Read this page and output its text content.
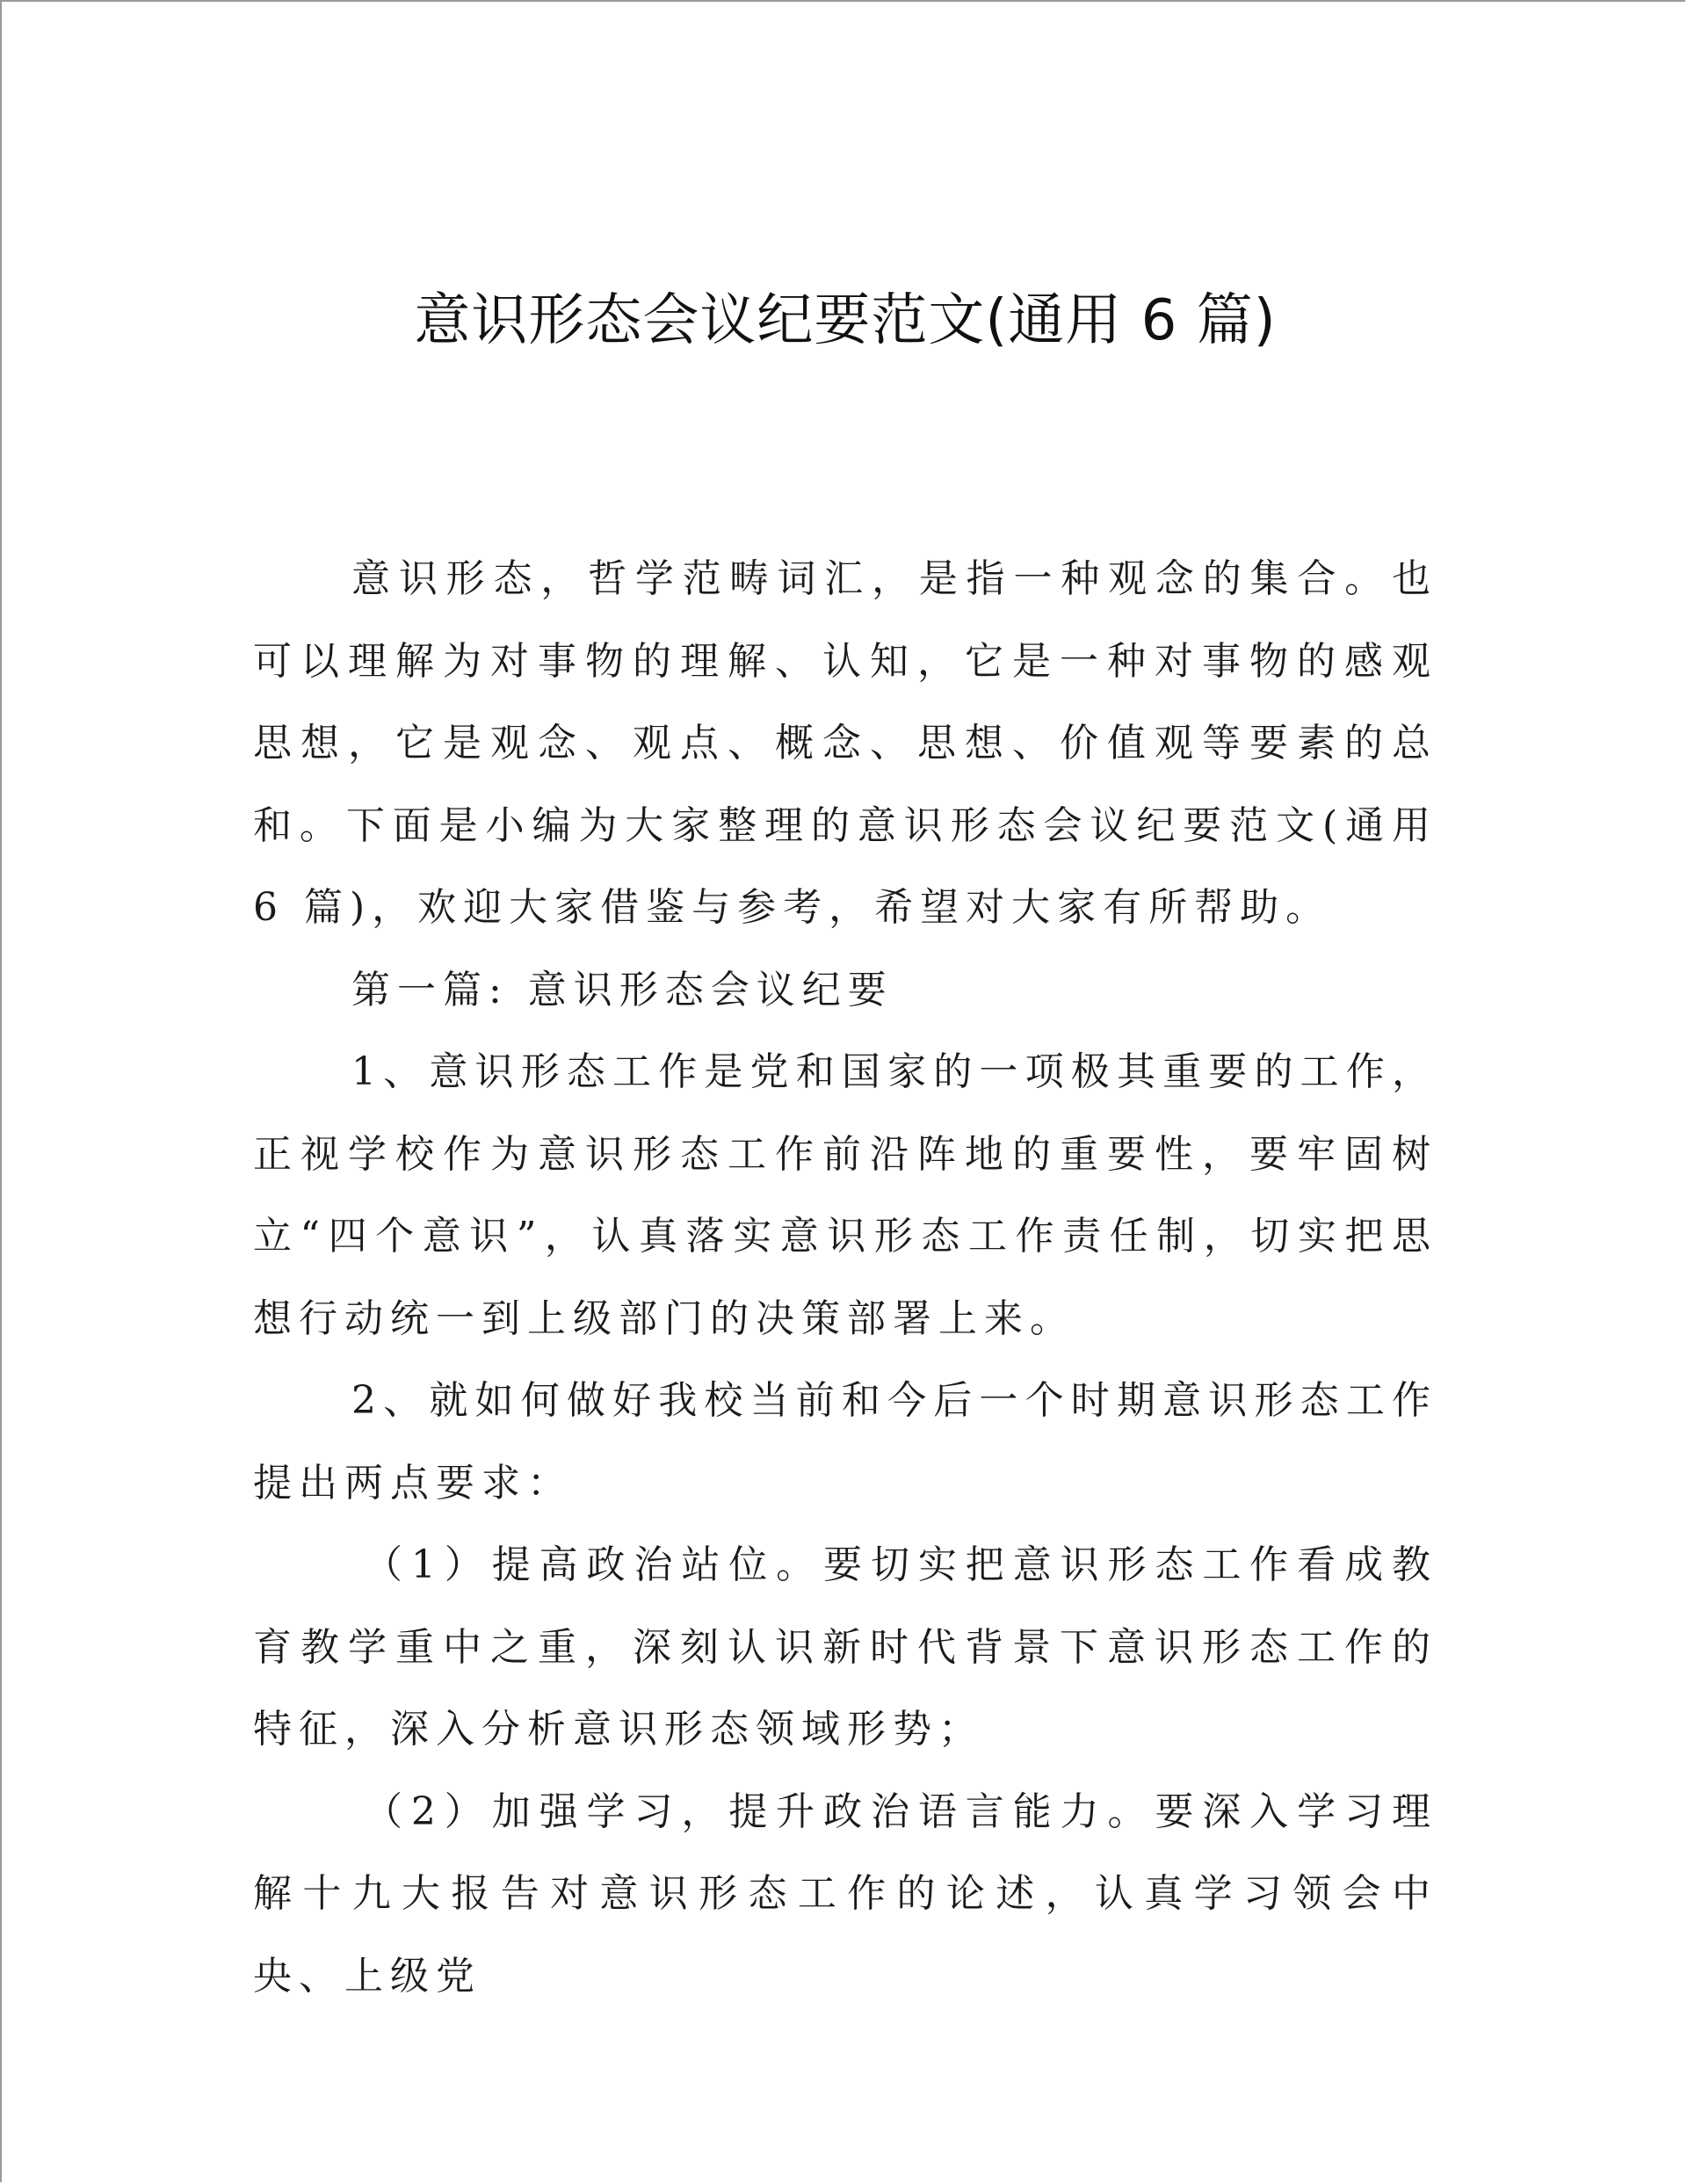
意识形态会议纪要范文(通用 6 篇)

意识形态，哲学范畴词汇，是指一种观念的集合。也可以理解为对事物的理解、认知，它是一种对事物的感观思想，它是观念、观点、概念、思想、价值观等要素的总和。下面是小编为大家整理的意识形态会议纪要范文(通用 6 篇)，欢迎大家借鉴与参考，希望对大家有所帮助。

第一篇: 意识形态会议纪要

1、意识形态工作是党和国家的一项极其重要的工作，正视学校作为意识形态工作前沿阵地的重要性，要牢固树立“四个意识”，认真落实意识形态工作责任制，切实把思想行动统一到上级部门的决策部署上来。

2、就如何做好我校当前和今后一个时期意识形态工作提出两点要求：

（1）提高政治站位。要切实把意识形态工作看成教育教学重中之重，深刻认识新时代背景下意识形态工作的特征，深入分析意识形态领域形势；

（2）加强学习，提升政治语言能力。要深入学习理解十九大报告对意识形态工作的论述，认真学习领会中央、上级党
